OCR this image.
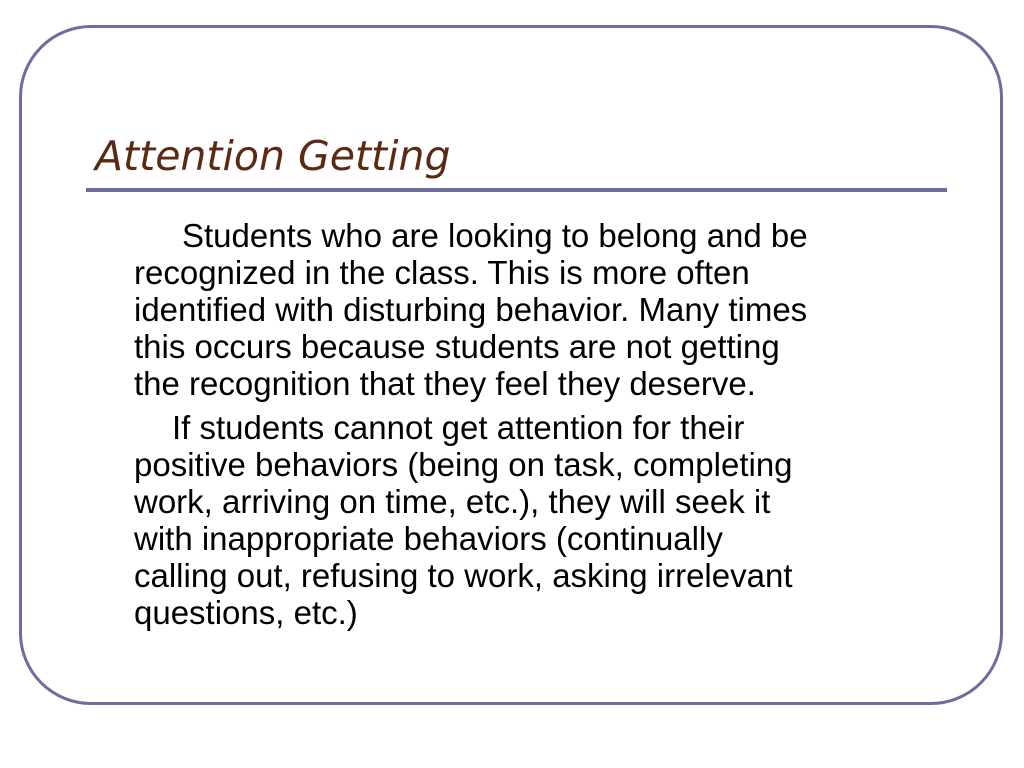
Attention Getting
Students who are looking to belong and be
recognized in the class. This is more often
identified with disturbing behavior. Many times
this occurs because students are not getting
the recognition that they feel they deserve.
If students cannot get attention for their
positive behaviors (being on task, completing
work, arriving on time, etc.), they will seek it
with inappropriate behaviors (continually
calling out, refusing to work, asking irrelevant
questions, etc.)
